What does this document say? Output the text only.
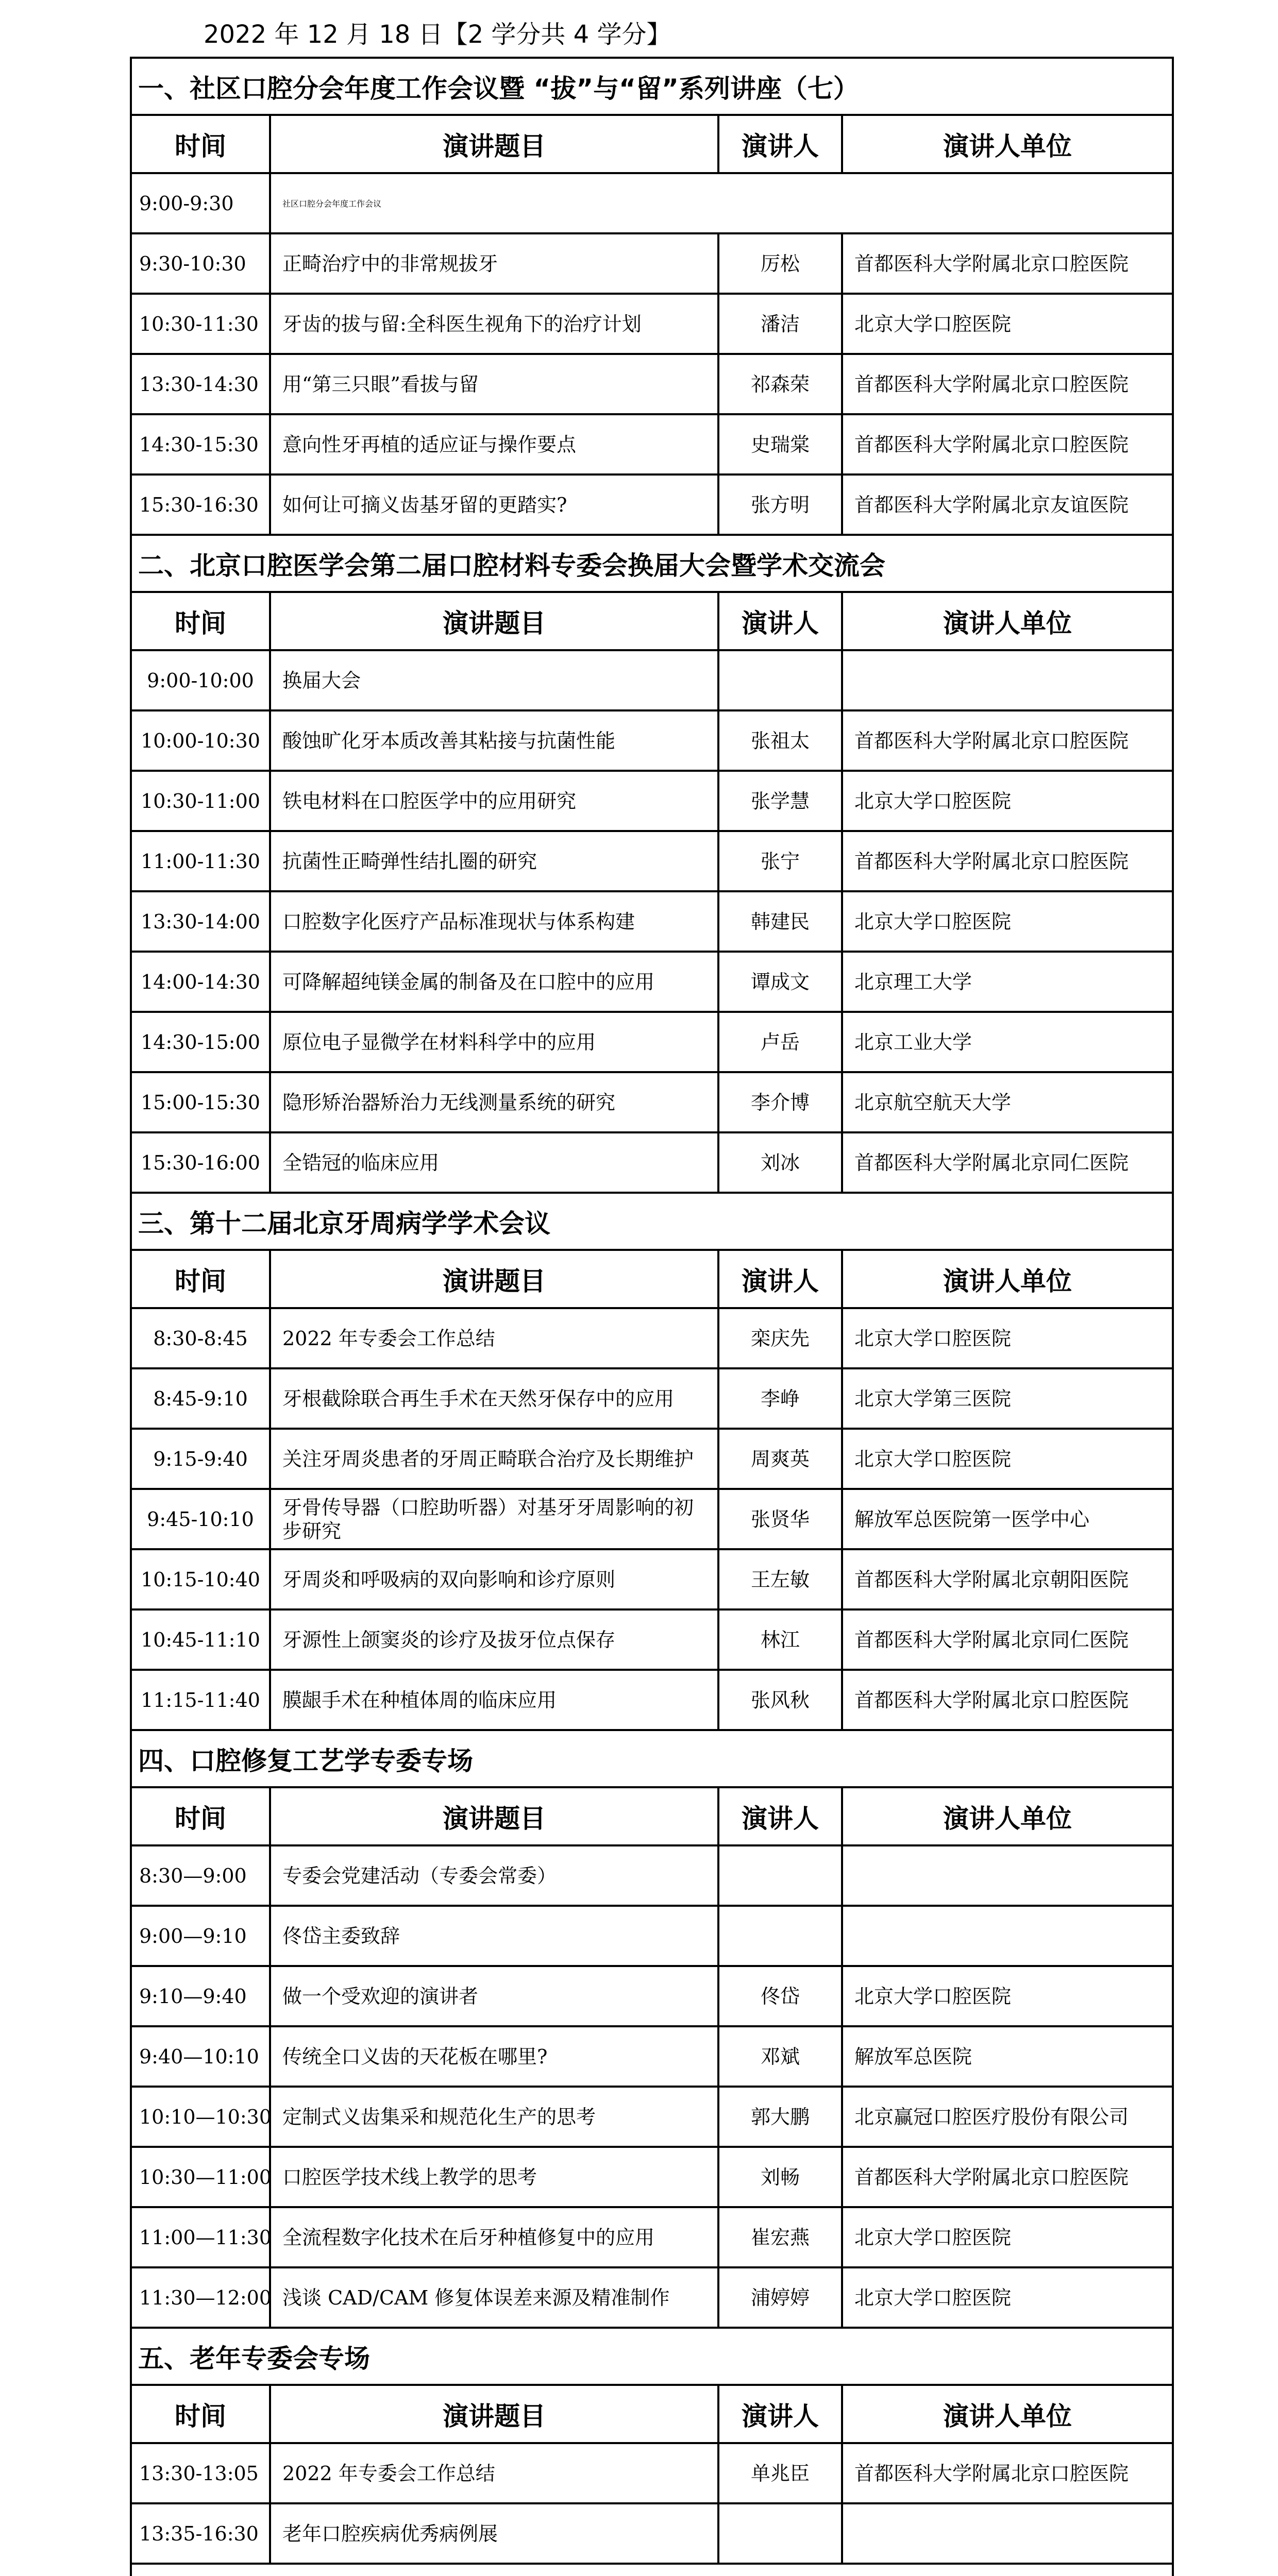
2022 年 12 月 18 日【2 学分共 4 学分】
一、社区口腔分会年度工作会议暨 “拔”与“留”系列讲座（七）			
时间	演讲题目	演讲人	演讲人单位
9:00-9:30	社区口腔分会年度工作会议		
9:30-10:30	正畸治疗中的非常规拔牙	厉松	首都医科大学附属北京口腔医院
10:30-11:30	牙齿的拔与留:全科医生视角下的治疗计划	潘洁	北京大学口腔医院
13:30-14:30	用“第三只眼”看拔与留	祁森荣	首都医科大学附属北京口腔医院
14:30-15:30	意向性牙再植的适应证与操作要点	史瑞棠	首都医科大学附属北京口腔医院
15:30-16:30	如何让可摘义齿基牙留的更踏实?	张方明	首都医科大学附属北京友谊医院
二、北京口腔医学会第二届口腔材料专委会换届大会暨学术交流会			
时间	演讲题目	演讲人	演讲人单位
9:00-10:00	换届大会		
10:00-10:30	酸蚀旷化牙本质改善其粘接与抗菌性能	张祖太	首都医科大学附属北京口腔医院
10:30-11:00	铁电材料在口腔医学中的应用研究	张学慧	北京大学口腔医院
11:00-11:30	抗菌性正畸弹性结扎圈的研究	张宁	首都医科大学附属北京口腔医院
13:30-14:00	口腔数字化医疗产品标准现状与体系构建	韩建民	北京大学口腔医院
14:00-14:30	可降解超纯镁金属的制备及在口腔中的应用	谭成文	北京理工大学
14:30-15:00	原位电子显微学在材料科学中的应用	卢岳	北京工业大学
15:00-15:30	隐形矫治器矫治力无线测量系统的研究	李介博	北京航空航天大学
15:30-16:00	全锆冠的临床应用	刘冰	首都医科大学附属北京同仁医院
三、第十二届北京牙周病学学术会议			
时间	演讲题目	演讲人	演讲人单位
8:30-8:45	2022 年专委会工作总结	栾庆先	北京大学口腔医院
8:45-9:10	牙根截除联合再生手术在天然牙保存中的应用	李峥	北京大学第三医院
9:15-9:40	关注牙周炎患者的牙周正畸联合治疗及长期维护	周爽英	北京大学口腔医院
9:45-10:10	牙骨传导器（口腔助听器）对基牙牙周影响的初步研究	张贤华	解放军总医院第一医学中心
10:15-10:40	牙周炎和呼吸病的双向影响和诊疗原则	王左敏	首都医科大学附属北京朝阳医院
10:45-11:10	牙源性上颌窦炎的诊疗及拔牙位点保存	林江	首都医科大学附属北京同仁医院
11:15-11:40	膜龈手术在种植体周的临床应用	张风秋	首都医科大学附属北京口腔医院
四、口腔修复工艺学专委专场			
时间	演讲题目	演讲人	演讲人单位
8:30—9:00	专委会党建活动（专委会常委）		
9:00—9:10	佟岱主委致辞		
9:10—9:40	做一个受欢迎的演讲者	佟岱	北京大学口腔医院
9:40—10:10	传统全口义齿的天花板在哪里?	邓斌	解放军总医院
10:10—10:30	定制式义齿集采和规范化生产的思考	郭大鹏	北京赢冠口腔医疗股份有限公司
10:30—11:00	口腔医学技术线上教学的思考	刘畅	首都医科大学附属北京口腔医院
11:00—11:30	全流程数字化技术在后牙种植修复中的应用	崔宏燕	北京大学口腔医院
11:30—12:00	浅谈 CAD/CAM 修复体误差来源及精准制作	浦婷婷	北京大学口腔医院
五、老年专委会专场			
时间	演讲题目	演讲人	演讲人单位
13:30-13:05	2022 年专委会工作总结	单兆臣	首都医科大学附属北京口腔医院
13:35-16:30	老年口腔疾病优秀病例展		
